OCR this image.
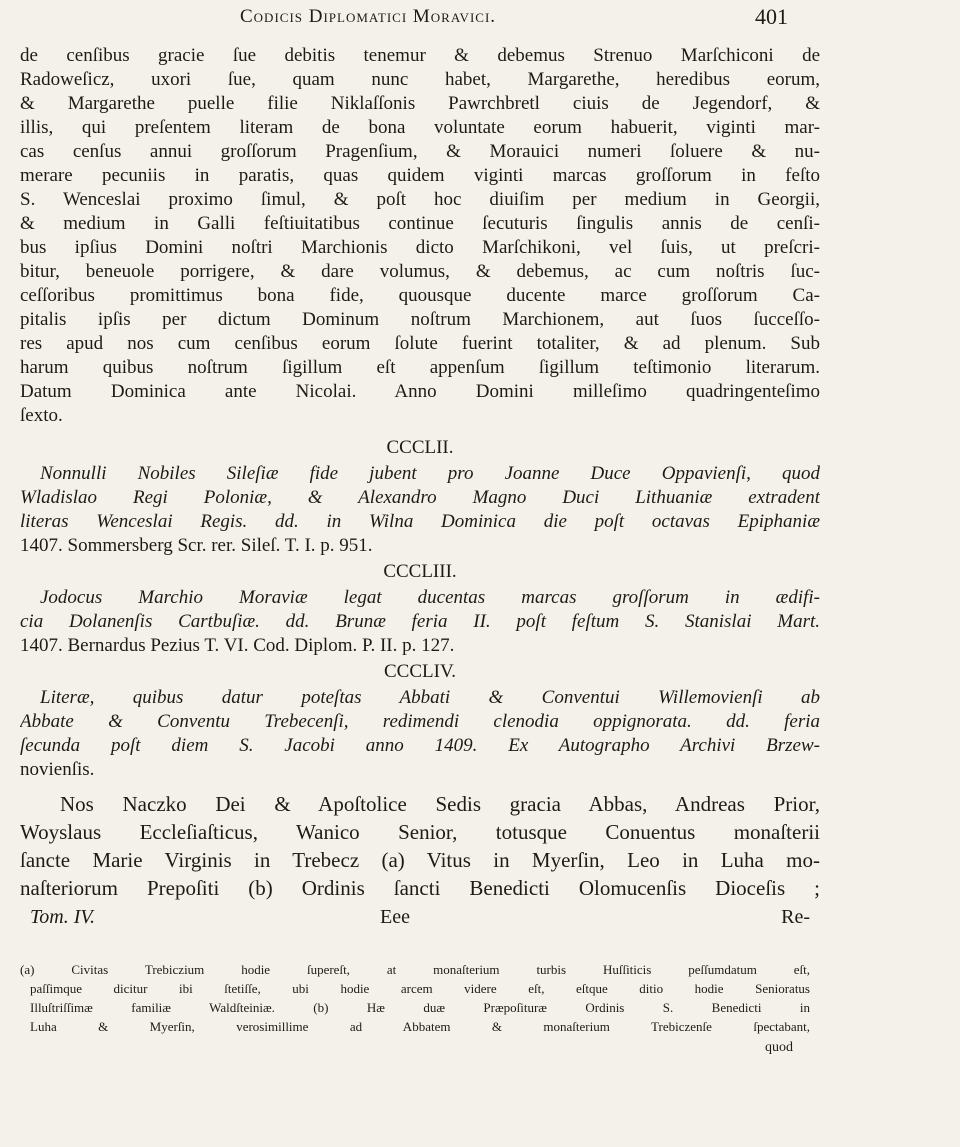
Codicis Diplomatici Moravici.	401
de cenſibus gracie ſue debitis tenemur & debemus Strenuo Marſchiconi de
Radoweſicz, uxori ſue, quam nunc habet, Margarethe, heredibus eorum,
& Margarethe puelle filie Niklaſſonis Pawrchbretl ciuis de Jegendorf, &
illis, qui preſentem literam de bona voluntate eorum habuerit, viginti mar-
cas cenſus annui groſſorum Pragenſium, & Morauici numeri ſoluere & nu-
merare pecuniis in paratis, quas quidem viginti marcas groſſorum in feſto
S. Wenceslai proximo ſimul, & poſt hoc diuiſim per medium in Georgii,
& medium in Galli feſtiuitatibus continue ſecuturis ſingulis annis de cenſi-
bus ipſius Domini noſtri Marchionis dicto Marſchikoni, vel ſuis, ut preſcri-
bitur, beneuole porrigere, & dare volumus, & debemus, ac cum noſtris ſuc-
ceſſoribus promittimus bona fide, quousque ducente marce groſſorum Ca-
pitalis ipſis per dictum Dominum noſtrum Marchionem, aut ſuos ſucceſſo-
res apud nos cum cenſibus eorum ſolute fuerint totaliter, & ad plenum. Sub
harum quibus noſtrum ſigillum eſt appenſum ſigillum teſtimonio literarum.
Datum Dominica ante Nicolai. Anno Domini milleſimo quadringenteſimo
ſexto.
CCCLII.
Nonnulli Nobiles Sileſiæ fide jubent pro Joanne Duce Oppavienſi, quod
Wladislao Regi Poloniæ, & Alexandro Magno Duci Lithuaniæ extradent
literas Wenceslai Regis. dd. in Wilna Dominica die poſt octavas Epiphaniæ
1407. Sommersberg Scr. rer. Sileſ. T. I. p. 951.
CCCLIII.
Jodocus Marchio Moraviæ legat ducentas marcas groſſorum in ædifi-
cia Dolanenſis Cartbuſiæ. dd. Brunæ feria II. poſt feſtum S. Stanislai Mart.
1407. Bernardus Pezius T. VI. Cod. Diplom. P. II. p. 127.
CCCLIV.
Literæ, quibus datur poteſtas Abbati & Conventui Willemovienſi ab
Abbate & Conventu Trebecenſi, redimendi clenodia oppignorata. dd. feria
ſecunda poſt diem S. Jacobi anno 1409. Ex Autographo Archivi Brzew-
novienſis.
Nos Naczko Dei & Apoſtolice Sedis gracia Abbas, Andreas Prior,
Woyslaus Eccleſiaſticus, Wanico Senior, totusque Conuentus monaſterii
ſancte Marie Virginis in Trebecz (a) Vitus in Myerſin, Leo in Luha mo-
naſteriorum Prepoſiti (b) Ordinis ſancti Benedicti Olomucenſis Dioceſis ;
Tom. IV.	Eee	Re-
(a) Civitas Trebiczium hodie ſupereſt, at monaſterium turbis Huſſiticis peſſumdatum eſt,
paſſimque dicitur ibi ſtetiſſe, ubi hodie arcem videre eſt, eſtque ditio hodie Senioratus
Illuſtriſſimæ familiæ Waldſteiniæ. (b) Hæ duæ Præpoſituræ Ordinis S. Benedicti in
Luha & Myerſin, verosimillime ad Abbatem & monaſterium Trebiczenſe ſpectabant,
quod
